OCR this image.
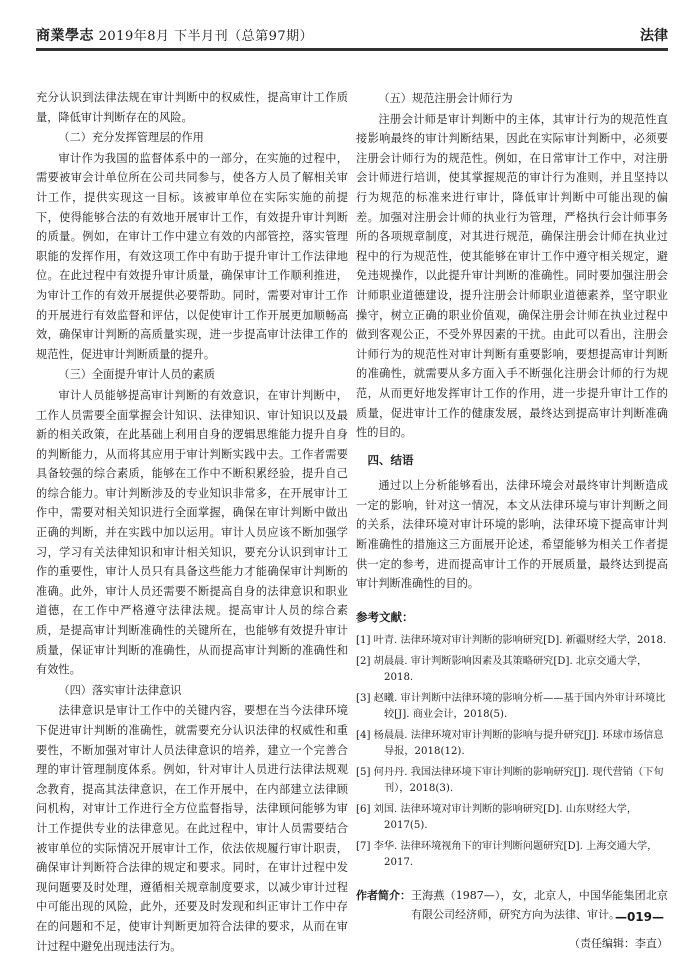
商業學志 2019年8月 下半月刊（总第97期）	法律

充分认识到法律法规在审计判断中的权威性，提高审计工作质量，降低审计判断存在的风险。

（二）充分发挥管理层的作用

审计作为我国的监督体系中的一部分，在实施的过程中，需要被审会计单位所在公司共同参与，使各方人员了解相关审计工作，提供实现这一目标。该被审单位在实际实施的前提下，使得能够合法的有效地开展审计工作，有效提升审计判断的质量。例如，在审计工作中建立有效的内部管控，落实管理职能的发挥作用，有效这项工作中有助于提升审计工作法律地位。在此过程中有效提升审计质量，确保审计工作顺利推进，为审计工作的有效开展提供必要帮助。同时，需要对审计工作的开展进行有效监督和评估，以促使审计工作开展更加顺畅高效，确保审计判断的高质量实现，进一步提高审计法律工作的规范性，促进审计判断质量的提升。

（三）全面提升审计人员的素质

审计人员能够提高审计判断的有效意识，在审计判断中，工作人员需要全面掌握会计知识、法律知识、审计知识以及最新的相关政策，在此基础上利用自身的逻辑思维能力提升自身的判断能力，从而将其应用于审计判断实践中去。工作者需要具备较强的综合素质，能够在工作中不断积累经验，提升自己的综合能力。审计判断涉及的专业知识非常多，在开展审计工作中，需要对相关知识进行全面掌握，确保在审计判断中做出正确的判断，并在实践中加以运用。审计人员应该不断加强学习，学习有关法律知识和审计相关知识，要充分认识到审计工作的重要性，审计人员只有具备这些能力才能确保审计判断的准确。此外，审计人员还需要不断提高自身的法律意识和职业道德，在工作中严格遵守法律法规。提高审计人员的综合素质，是提高审计判断准确性的关键所在，也能够有效提升审计质量，保证审计判断的准确性，从而提高审计判断的准确性和有效性。

（四）落实审计法律意识

法律意识是审计工作中的关键内容，要想在当今法律环境下促进审计判断的准确性，就需要充分认识法律的权威性和重要性，不断加强对审计人员法律意识的培养，建立一个完善合理的审计管理制度体系。例如，针对审计人员进行法律法规观念教育，提高其法律意识，在工作开展中，在内部建立法律顾问机构，对审计工作进行全方位监督指导，法律顾问能够为审计工作提供专业的法律意见。在此过程中，审计人员需要结合被审单位的实际情况开展审计工作，依法依规履行审计职责，确保审计判断符合法律的规定和要求。同时，在审计过程中发现问题要及时处理，遵循相关规章制度要求，以减少审计过程中可能出现的风险，此外，还要及时发现和纠正审计工作中存在的问题和不足，使审计判断更加符合法律的要求，从而在审计过程中避免出现违法行为。

（五）规范注册会计师行为

注册会计师是审计判断中的主体，其审计行为的规范性直接影响最终的审计判断结果，因此在实际审计判断中，必须要注册会计师行为的规范性。例如，在日常审计工作中，对注册会计师进行培训，使其掌握规范的审计行为准则，并且坚持以行为规范的标准来进行审计，降低审计判断中可能出现的偏差。加强对注册会计师的执业行为管理，严格执行会计师事务所的各项规章制度，对其进行规范，确保注册会计师在执业过程中的行为规范性，使其能够在审计工作中遵守相关规定，避免违规操作，以此提升审计判断的准确性。同时要加强注册会计师职业道德建设，提升注册会计师职业道德素养，坚守职业操守，树立正确的职业价值观，确保注册会计师在执业过程中做到客观公正，不受外界因素的干扰。由此可以看出，注册会计师行为的规范性对审计判断有重要影响，要想提高审计判断的准确性，就需要从多方面入手不断强化注册会计师的行为规范，从而更好地发挥审计工作的作用，进一步提升审计工作的质量，促进审计工作的健康发展，最终达到提高审计判断准确性的目的。

四、结语

通过以上分析能够看出，法律环境会对最终审计判断造成一定的影响，针对这一情况，本文从法律环境与审计判断之间的关系，法律环境对审计环境的影响，法律环境下提高审计判断准确性的措施这三方面展开论述，希望能够为相关工作者提供一定的参考，进而提高审计工作的开展质量，最终达到提高审计判断准确性的目的。

参考文献：
[1] 叶青. 法律环境对审计判断的影响研究[D]. 新疆财经大学，2018.
[2] 胡晨晨. 审计判断影响因素及其策略研究[D]. 北京交通大学，2018.
[3] 赵曦. 审计判断中法律环境的影响分析——基于国内外审计环境比较[J]. 商业会计，2018(5).
[4] 杨晨晨. 法律环境对审计判断的影响与提升研究[J]. 环球市场信息导报，2018(12).
[5] 何丹丹. 我国法律环境下审计判断的影响研究[J]. 现代营销（下旬刊），2018(3).
[6] 刘国. 法律环境对审计判断的影响研究[D]. 山东财经大学，2017(5).
[7] 李华. 法律环境视角下的审计判断问题研究[D]. 上海交通大学，2017.
作者简介： 王海燕（1987—），女，北京人，中国华能集团北京有限公司经济师，研究方向为法律、审计。
（责任编辑：李直）
—019—
